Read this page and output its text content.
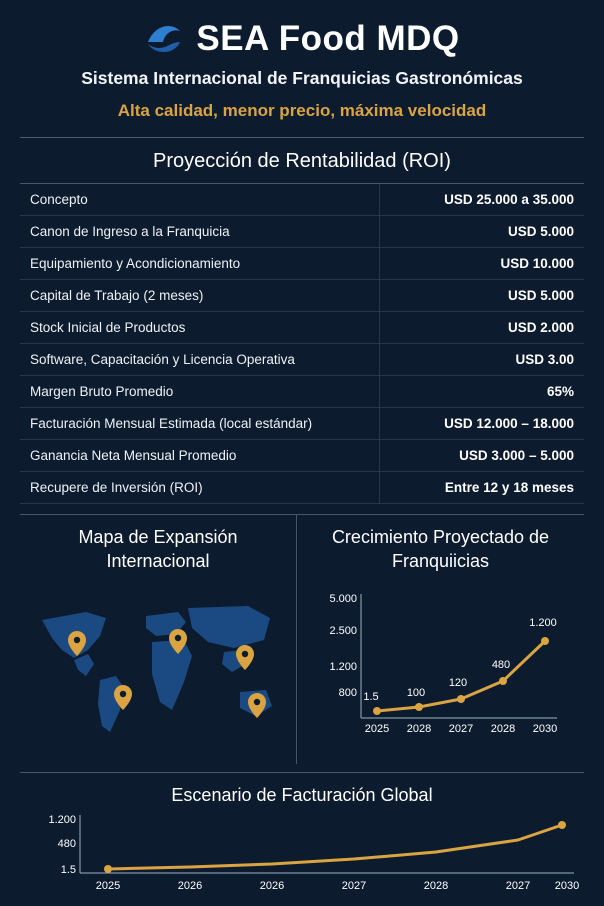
SEA Food MDQ
Sistema Internacional de Franquicias Gastronómicas
Alta calidad, menor precio, máxima velocidad
Proyección de Rentabilidad (ROI)
Concepto	USD 25.000 a 35.000
Canon de Ingreso a la Franquicia	USD 5.000
Equipamiento y Acondicionamiento	USD 10.000
Capital de Trabajo (2 meses)	USD 5.000
Stock Inicial de Productos	USD 2.000
Software, Capacitación y Licencia Operativa	USD 3.00
Margen Bruto Promedio	65%
Facturación Mensual Estimada (local estándar)	USD 12.000 – 18.000
Ganancia Neta Mensual Promedio	USD 3.000 – 5.000
Recupere de Inversión (ROI)	Entre 12 y 18 meses
Mapa de Expansión Internacional
Crecimiento Proyectado de Franquiicias
5.000
2.500
1.200
800 1.5	100
120
480
1.200
2025 2028 2027 2028 2030
Escenario de Facturación Global
1.200
480
1.5
2025	2026	2026	2027	2028	2027 2030
